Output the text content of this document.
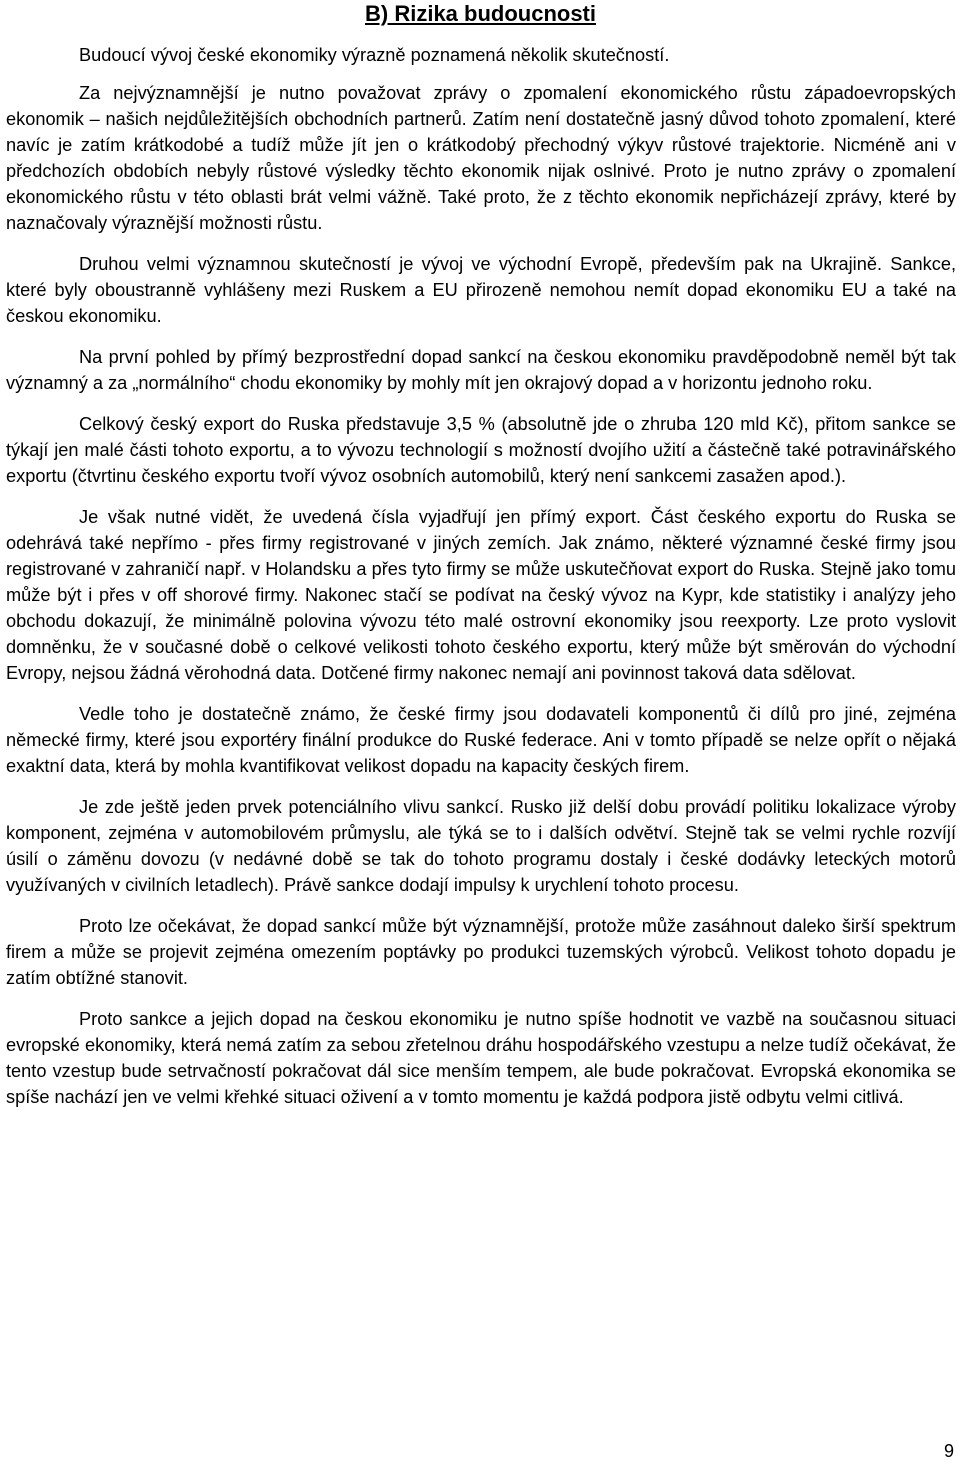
B) Rizika budoucnosti

Budoucí vývoj české ekonomiky výrazně poznamená několik skutečností.

Za nejvýznamnější je nutno považovat zprávy o zpomalení ekonomického růstu západoevropských ekonomik – našich nejdůležitějších obchodních partnerů. Zatím není dostatečně jasný důvod tohoto zpomalení, které navíc je zatím krátkodobé a tudíž může jít jen o krátkodobý přechodný výkyv růstové trajektorie. Nicméně ani v předchozích obdobích nebyly růstové výsledky těchto ekonomik nijak oslnivé. Proto je nutno zprávy o zpomalení ekonomického růstu v této oblasti brát velmi vážně. Také proto, že z těchto ekonomik nepřicházejí zprávy, které by naznačovaly výraznější možnosti růstu.

Druhou velmi významnou skutečností je vývoj ve východní Evropě, především pak na Ukrajině. Sankce, které byly oboustranně vyhlášeny mezi Ruskem a EU přirozeně nemohou nemít dopad ekonomiku EU a také na českou ekonomiku.

Na první pohled by přímý bezprostřední dopad sankcí na českou ekonomiku pravděpodobně neměl být tak významný a za „normálního“ chodu ekonomiky by mohly mít jen okrajový dopad a v horizontu jednoho roku.

Celkový český export do Ruska představuje 3,5 % (absolutně jde o zhruba 120 mld Kč), přitom sankce se týkají jen malé části tohoto exportu, a to vývozu technologií s možností dvojího užití a částečně také potravinářského exportu (čtvrtinu českého exportu tvoří vývoz osobních automobilů, který není sankcemi zasažen apod.).

Je však nutné vidět, že uvedená čísla vyjadřují jen přímý export. Část českého exportu do Ruska se odehrává také nepřímo - přes firmy registrované v jiných zemích. Jak známo, některé významné české firmy jsou registrované v zahraničí např. v Holandsku a přes tyto firmy se může uskutečňovat export do Ruska. Stejně jako tomu může být i přes v off shorové firmy. Nakonec stačí se podívat na český vývoz na Kypr, kde statistiky i analýzy jeho obchodu dokazují, že minimálně polovina vývozu této malé ostrovní ekonomiky jsou reexporty. Lze proto vyslovit domněnku, že v současné době o celkové velikosti tohoto českého exportu, který může být směrován do východní Evropy, nejsou žádná věrohodná data. Dotčené firmy nakonec nemají ani povinnost taková data sdělovat.

Vedle toho je dostatečně známo, že české firmy jsou dodavateli komponentů či dílů pro jiné, zejména německé firmy, které jsou exportéry finální produkce do Ruské federace. Ani v tomto případě se nelze opřít o nějaká exaktní data, která by mohla kvantifikovat velikost dopadu na kapacity českých firem.

Je zde ještě jeden prvek potenciálního vlivu sankcí. Rusko již delší dobu provádí politiku lokalizace výroby komponent, zejména v automobilovém průmyslu, ale týká se to i dalších odvětví. Stejně tak se velmi rychle rozvíjí úsilí o záměnu dovozu (v nedávné době se tak do tohoto programu dostaly i české dodávky leteckých motorů využívaných v civilních letadlech). Právě sankce dodají impulsy k urychlení tohoto procesu.

Proto lze očekávat, že dopad sankcí může být významnější, protože může zasáhnout daleko širší spektrum firem a může se projevit zejména omezením poptávky po produkci tuzemských výrobců. Velikost tohoto dopadu je zatím obtížné stanovit.

Proto sankce a jejich dopad na českou ekonomiku je nutno spíše hodnotit ve vazbě na současnou situaci evropské ekonomiky, která nemá zatím za sebou zřetelnou dráhu hospodářského vzestupu a nelze tudíž očekávat, že tento vzestup bude setrvačností pokračovat dál sice menším tempem, ale bude pokračovat. Evropská ekonomika se spíše nachází jen ve velmi křehké situaci oživení a v tomto momentu je každá podpora jistě odbytu velmi citlivá.

9
